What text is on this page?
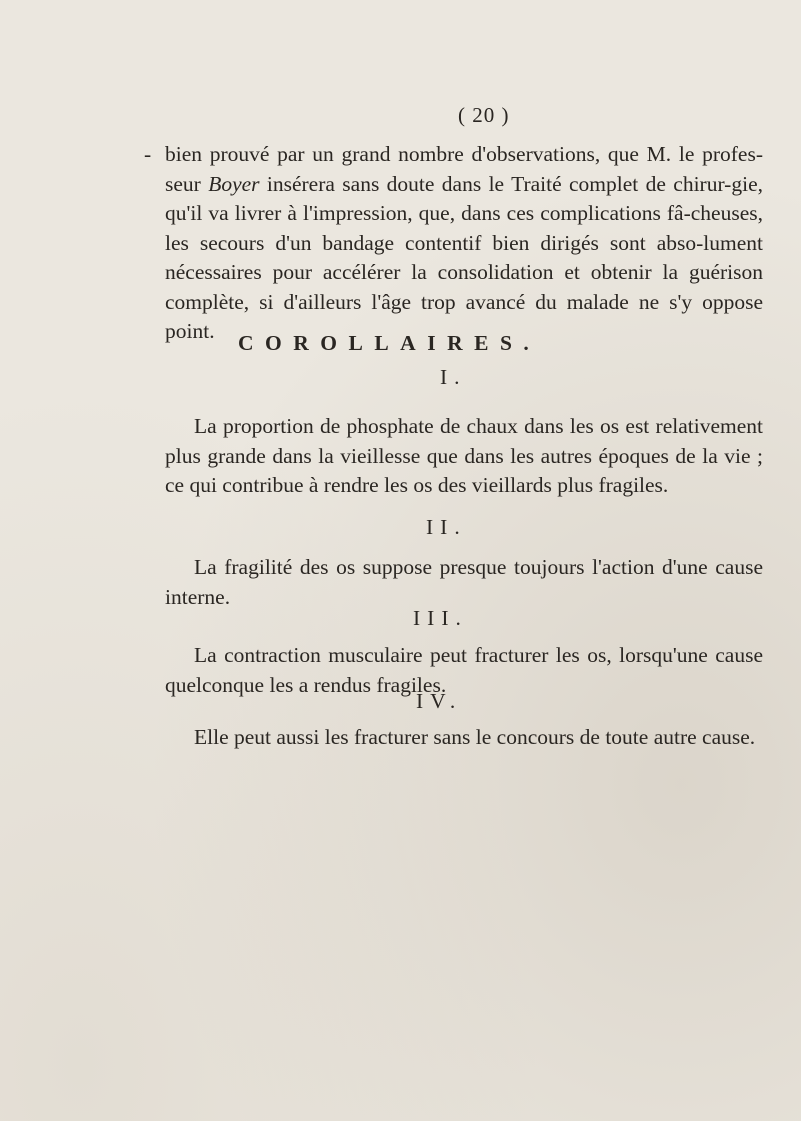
( 20 )

- bien prouvé par un grand nombre d'observations, que M. le profes-seur Boyer insérera sans doute dans le Traité complet de chirur-gie, qu'il va livrer à l'impression, que, dans ces complications fâ-cheuses, les secours d'un bandage contentif bien dirigés sont abso-lument nécessaires pour accélérer la consolidation et obtenir la guérison complète, si d'ailleurs l'âge trop avancé du malade ne s'y oppose point.	COROLLAIRES.
I.

La proportion de phosphate de chaux dans les os est relativement plus grande dans la vieillesse que dans les autres époques de la vie ; ce qui contribue à rendre les os des vieillards plus fragiles.

II.

La fragilité des os suppose presque toujours l'action d'une cause interne.

III.

La contraction musculaire peut fracturer les os, lorsqu'une cause quelconque les a rendus fragiles.

IV.

Elle peut aussi les fracturer sans le concours de toute autre cause.
